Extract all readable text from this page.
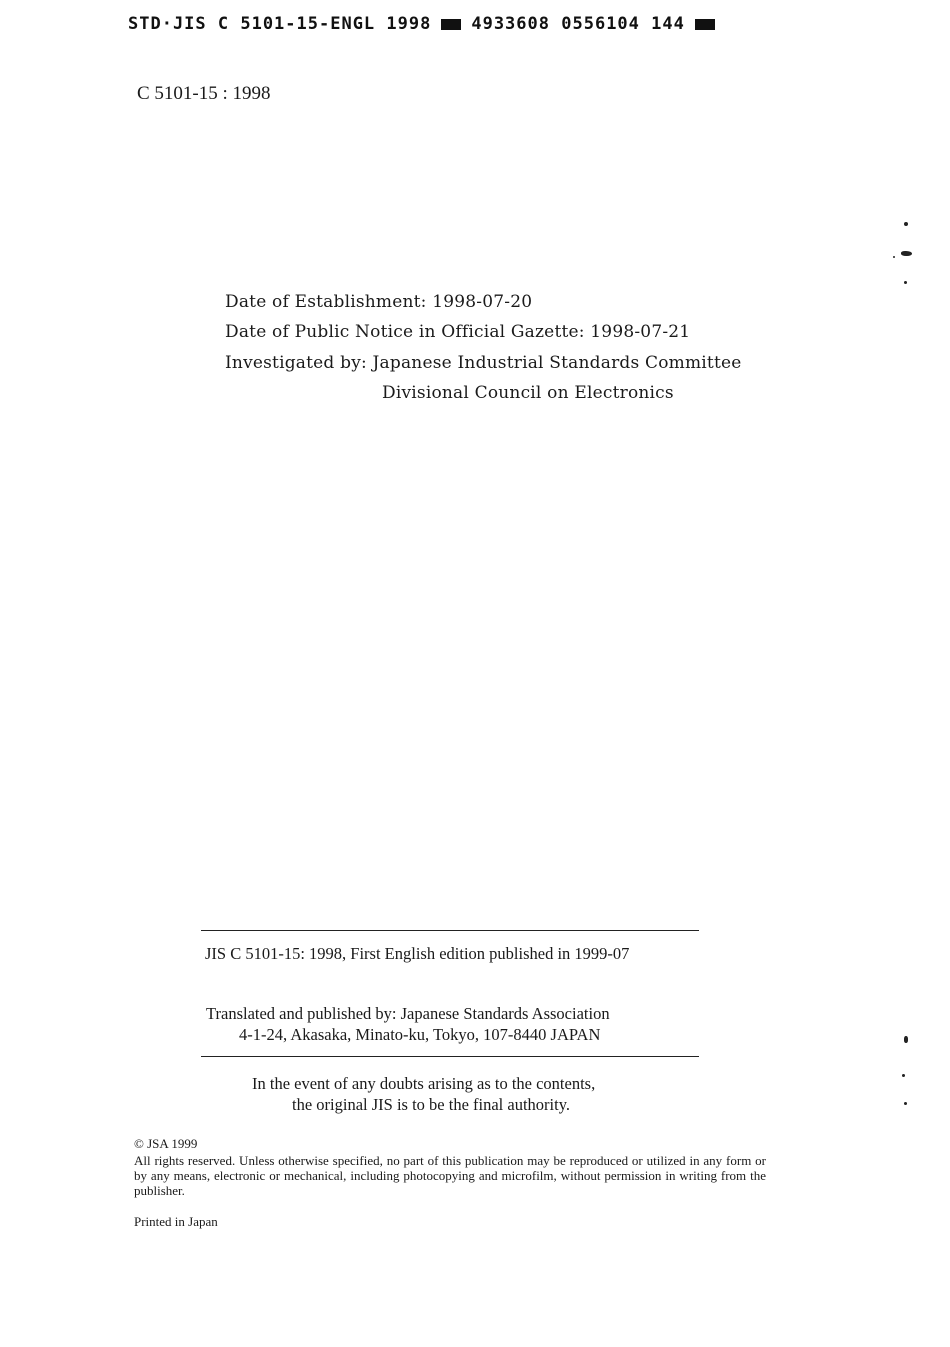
STD·JIS C 5101-15-ENGL 1998 4933608 0556104 144
C 5101-15 : 1998
Date of Establishment: 1998-07-20
Date of Public Notice in Official Gazette: 1998-07-21
Investigated by: Japanese Industrial Standards Committee
Divisional Council on Electronics
JIS C 5101-15: 1998, First English edition published in 1999-07
Translated and published by: Japanese Standards Association
4-1-24, Akasaka, Minato-ku, Tokyo, 107-8440 JAPAN
In the event of any doubts arising as to the contents,
the original JIS is to be the final authority.
© JSA 1999
All rights reserved. Unless otherwise specified, no part of this publication may be reproduced or utilized in any form or by any means, electronic or mechanical, including photocopying and microfilm, without permission in writing from the publisher.
Printed in Japan
